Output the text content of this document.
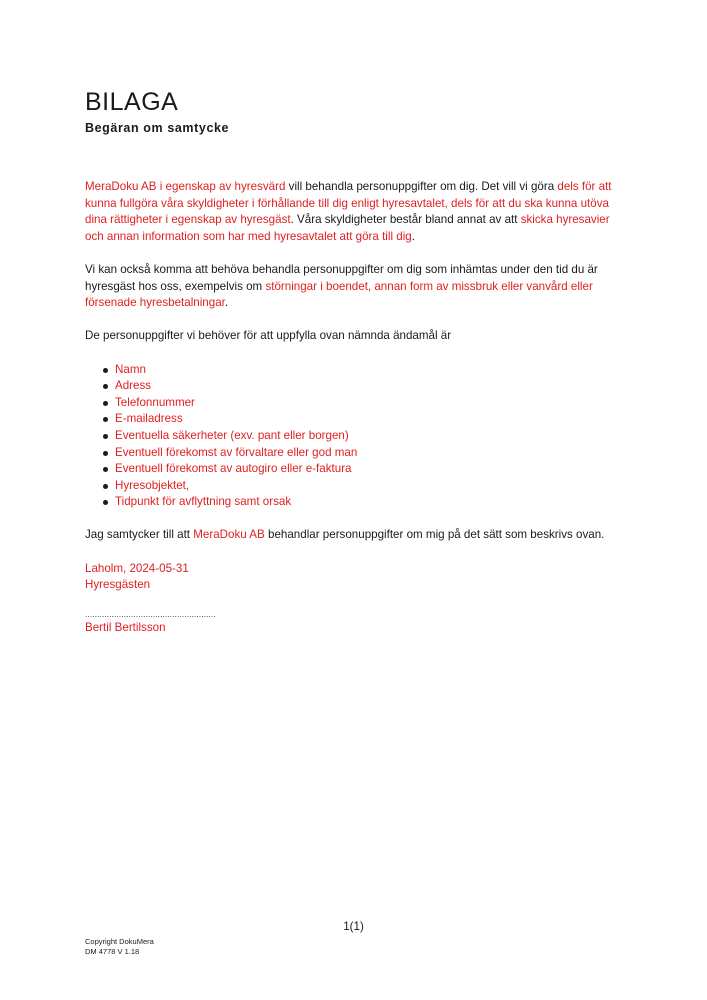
BILAGA
Begäran om samtycke

MeraDoku AB i egenskap av hyresvärd vill behandla personuppgifter om dig. Det vill vi göra dels för att kunna fullgöra våra skyldigheter i förhållande till dig enligt hyresavtalet, dels för att du ska kunna utöva dina rättigheter i egenskap av hyresgäst. Våra skyldigheter består bland annat av att skicka hyresavier och annan information som har med hyresavtalet att göra till dig.

Vi kan också komma att behöva behandla personuppgifter om dig som inhämtas under den tid du är hyresgäst hos oss, exempelvis om störningar i boendet, annan form av missbruk eller vanvård eller försenade hyresbetalningar.

De personuppgifter vi behöver för att uppfylla ovan nämnda ändamål är

Namn
Adress
Telefonnummer
E-mailadress
Eventuella säkerheter (exv. pant eller borgen)
Eventuell förekomst av förvaltare eller god man
Eventuell förekomst av autogiro eller e-faktura
Hyresobjektet,
Tidpunkt för avflyttning samt orsak

Jag samtycker till att MeraDoku AB behandlar personuppgifter om mig på det sätt som beskrivs ovan.

Laholm, 2024-05-31

Hyresgästen

......................................................

Bertil Bertilsson

1(1)
Copyright DokuMera
DM 4778 V 1.18
